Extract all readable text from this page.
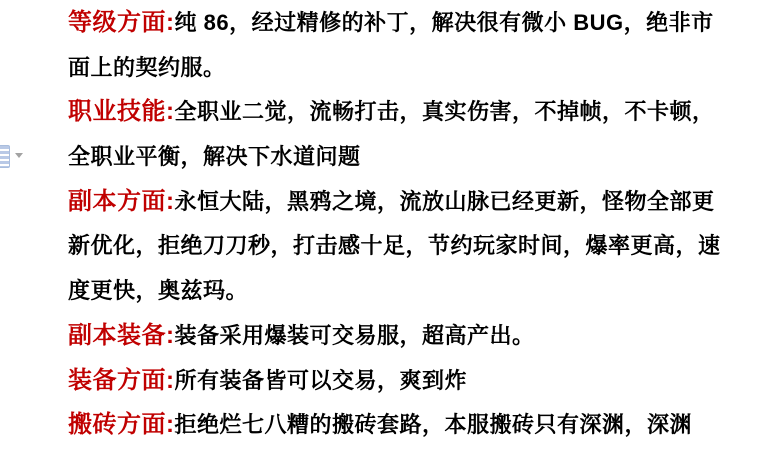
等级方面:纯 86，经过精修的补丁，解决很有微小 BUG，绝非市
面上的契约服。
职业技能:全职业二觉，流畅打击，真实伤害，不掉帧，不卡顿，
全职业平衡，解决下水道问题
副本方面:永恒大陆，黑鸦之境，流放山脉已经更新，怪物全部更
新优化，拒绝刀刀秒，打击感十足，节约玩家时间，爆率更高，速
度更快，奥兹玛。
副本装备:装备采用爆装可交易服，超高产出。
装备方面:所有装备皆可以交易，爽到炸
搬砖方面:拒绝烂七八糟的搬砖套路，本服搬砖只有深渊，深渊
